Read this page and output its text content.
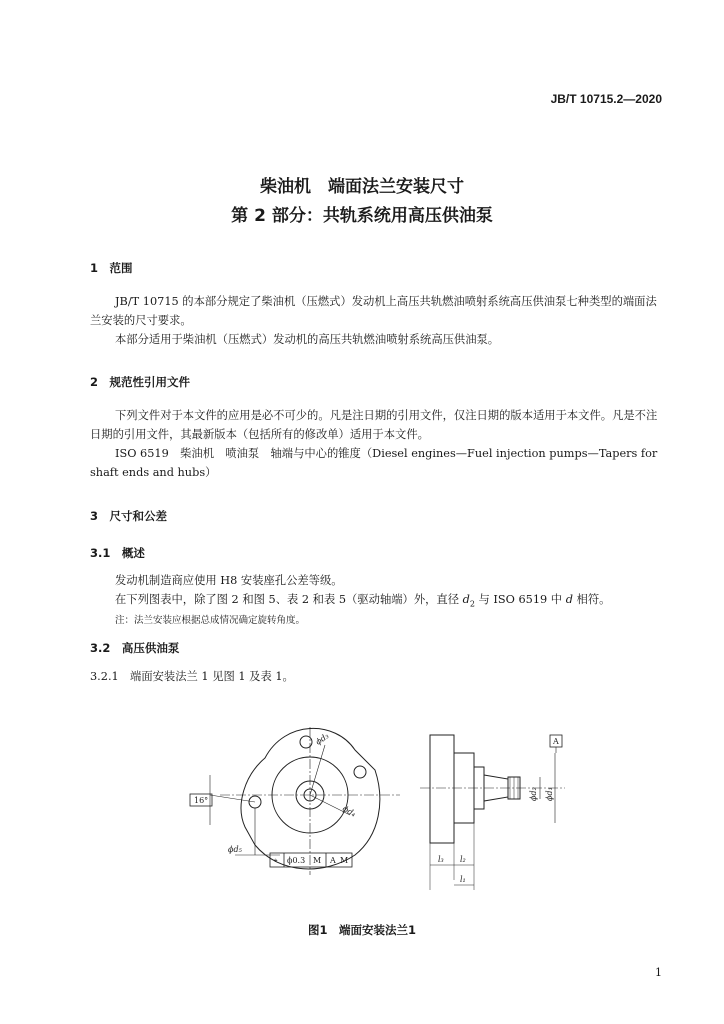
JB/T 10715.2—2020
柴油机　端面法兰安装尺寸
第 2 部分：共轨系统用高压供油泵
1　范围
JB/T 10715 的本部分规定了柴油机（压燃式）发动机上高压共轨燃油喷射系统高压供油泵七种类型的端面法兰安装的尺寸要求。
本部分适用于柴油机（压燃式）发动机的高压共轨燃油喷射系统高压供油泵。
2　规范性引用文件
下列文件对于本文件的应用是必不可少的。凡是注日期的引用文件，仅注日期的版本适用于本文件。凡是不注日期的引用文件，其最新版本（包括所有的修改单）适用于本文件。
ISO 6519　柴油机　喷油泵　轴端与中心的锥度（Diesel engines—Fuel injection pumps—Tapers for shaft ends and hubs）
3　尺寸和公差
3.1　概述
发动机制造商应使用 H8 安装座孔公差等级。
在下列图表中，除了图 2 和图 5、表 2 和表 5（驱动轴端）外，直径 $d_2$ 与 ISO 6519 中 d 相符。
注：法兰安装应根据总成情况确定旋转角度。
3.2　高压供油泵
3.2.1　端面安装法兰 1 见图 1 及表 1。
ϕd₃
ϕd₄
ϕd₅
16°
⌖ ϕ0.3 M A M
A
ϕd₂ ϕd₁
l₃ l₂
l₁
图1　端面安装法兰1
1
